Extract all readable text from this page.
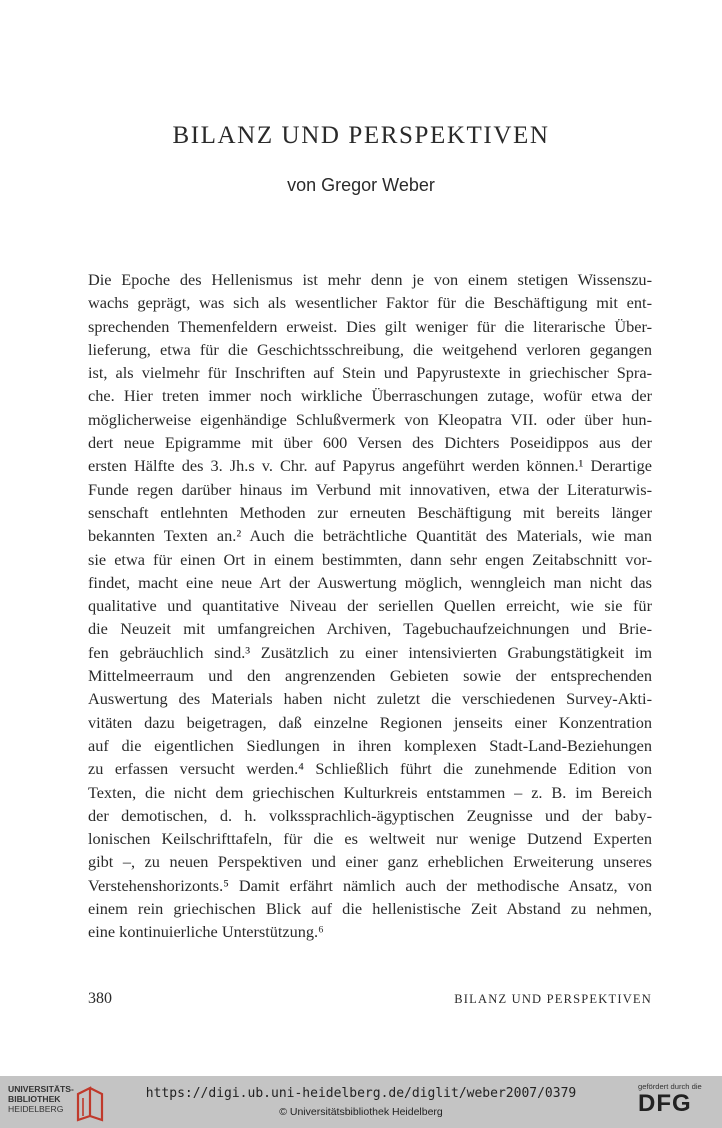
BILANZ UND PERSPEKTIVEN
von Gregor Weber
Die Epoche des Hellenismus ist mehr denn je von einem stetigen Wissenszu-
wachs geprägt, was sich als wesentlicher Faktor für die Beschäftigung mit ent-
sprechenden Themenfeldern erweist. Dies gilt weniger für die literarische Über-
lieferung, etwa für die Geschichtsschreibung, die weitgehend verloren gegangen
ist, als vielmehr für Inschriften auf Stein und Papyrustexte in griechischer Spra-
che. Hier treten immer noch wirkliche Überraschungen zutage, wofür etwa der
möglicherweise eigenhändige Schlußvermerk von Kleopatra VII. oder über hun-
dert neue Epigramme mit über 600 Versen des Dichters Poseidippos aus der
ersten Hälfte des 3. Jh.s v. Chr. auf Papyrus angeführt werden können.¹ Derartige
Funde regen darüber hinaus im Verbund mit innovativen, etwa der Literaturwis-
senschaft entlehnten Methoden zur erneuten Beschäftigung mit bereits länger
bekannten Texten an.² Auch die beträchtliche Quantität des Materials, wie man
sie etwa für einen Ort in einem bestimmten, dann sehr engen Zeitabschnitt vor-
findet, macht eine neue Art der Auswertung möglich, wenngleich man nicht das
qualitative und quantitative Niveau der seriellen Quellen erreicht, wie sie für
die Neuzeit mit umfangreichen Archiven, Tagebuchaufzeichnungen und Brie-
fen gebräuchlich sind.³ Zusätzlich zu einer intensivierten Grabungstätigkeit im
Mittelmeerraum und den angrenzenden Gebieten sowie der entsprechenden
Auswertung des Materials haben nicht zuletzt die verschiedenen Survey-Akti-
vitäten dazu beigetragen, daß einzelne Regionen jenseits einer Konzentration
auf die eigentlichen Siedlungen in ihren komplexen Stadt-Land-Beziehungen
zu erfassen versucht werden.⁴ Schließlich führt die zunehmende Edition von
Texten, die nicht dem griechischen Kulturkreis entstammen – z. B. im Bereich
der demotischen, d. h. volkssprachlich-ägyptischen Zeugnisse und der baby-
lonischen Keilschrifttafeln, für die es weltweit nur wenige Dutzend Experten
gibt –, zu neuen Perspektiven und einer ganz erheblichen Erweiterung unseres
Verstehenshorizonts.⁵ Damit erfährt nämlich auch der methodische Ansatz, von
einem rein griechischen Blick auf die hellenistische Zeit Abstand zu nehmen,
eine kontinuierliche Unterstützung.⁶
380	BILANZ UND PERSPEKTIVEN
UNIVERSITÄTS-
BIBLIOTHEK
HEIDELBERG
https://digi.ub.uni-heidelberg.de/diglit/weber2007/0379
© Universitätsbibliothek Heidelberg
gefördert durch die
DFG
